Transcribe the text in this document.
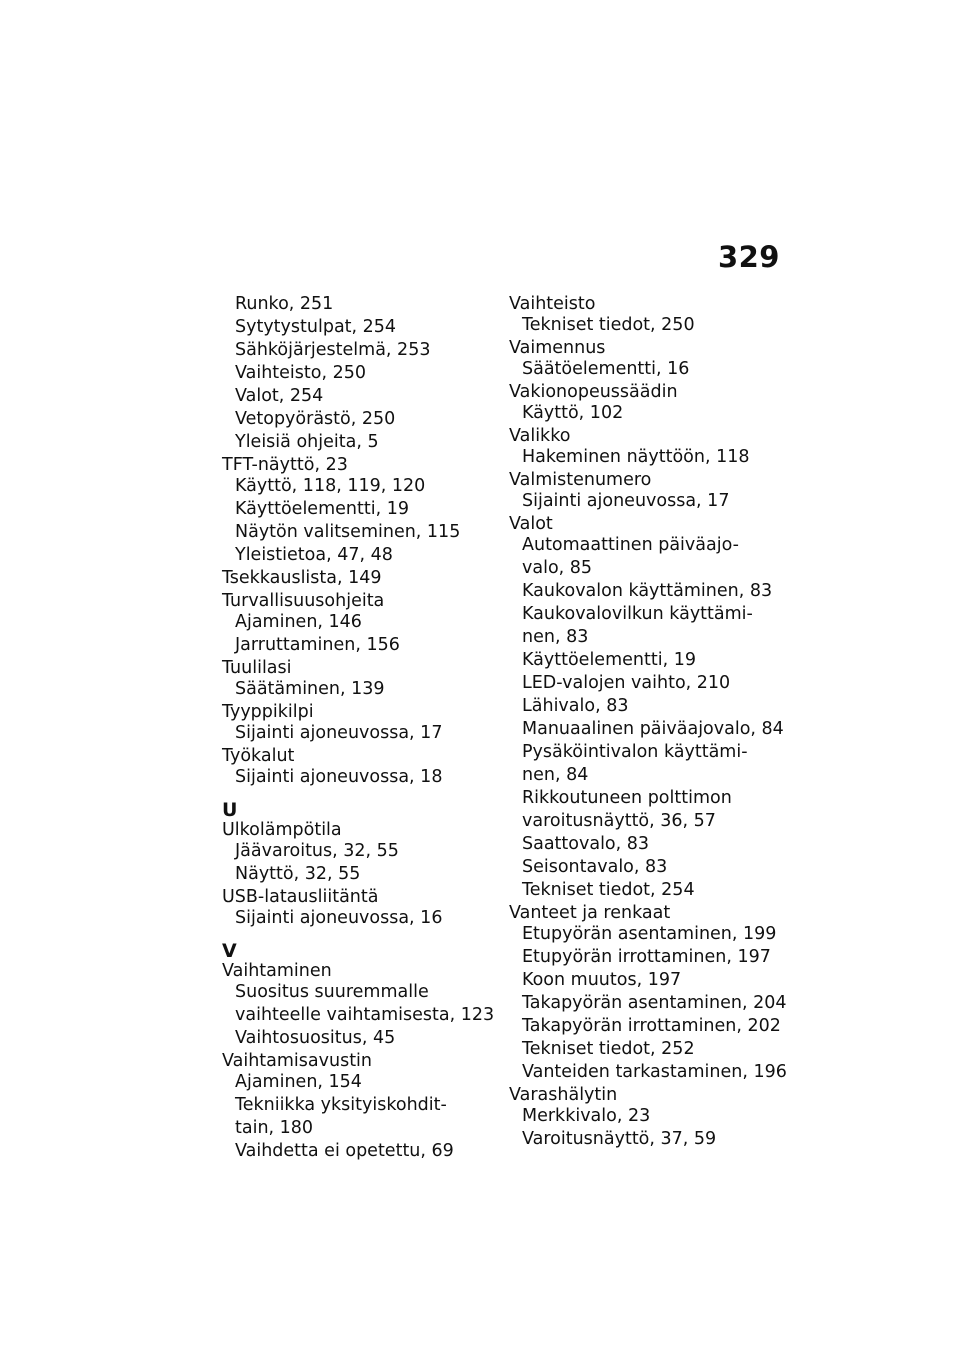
329
Runko, 251
Sytytystulpat, 254
Sähköjärjestelmä, 253
Vaihteisto, 250
Valot, 254
Vetopyörästö, 250
Yleisiä ohjeita, 5
TFT-näyttö, 23
Käyttö, 118, 119, 120
Käyttöelementti, 19
Näytön valitseminen, 115
Yleistietoa, 47, 48
Tsekkauslista, 149
Turvallisuusohjeita
Ajaminen, 146
Jarruttaminen, 156
Tuulilasi
Säätäminen, 139
Tyyppikilpi
Sijainti ajoneuvossa, 17
Työkalut
Sijainti ajoneuvossa, 18
U
Ulkolämpötila
Jäävaroitus, 32, 55
Näyttö, 32, 55
USB-latausliitäntä
Sijainti ajoneuvossa, 16
V
Vaihtaminen
Suositus suuremmalle
vaihteelle vaihtamisesta, 123
Vaihtosuositus, 45
Vaihtamisavustin
Ajaminen, 154
Tekniikka yksityiskohdit-
tain, 180
Vaihdetta ei opetettu, 69
Vaihteisto
Tekniset tiedot, 250
Vaimennus
Säätöelementti, 16
Vakionopeussäädin
Käyttö, 102
Valikko
Hakeminen näyttöön, 118
Valmistenumero
Sijainti ajoneuvossa, 17
Valot
Automaattinen päiväajo-
valo, 85
Kaukovalon käyttäminen, 83
Kaukovalovilkun käyttämi-
nen, 83
Käyttöelementti, 19
LED-valojen vaihto, 210
Lähivalo, 83
Manuaalinen päiväajovalo, 84
Pysäköintivalon käyttämi-
nen, 84
Rikkoutuneen polttimon
varoitusnäyttö, 36, 57
Saattovalo, 83
Seisontavalo, 83
Tekniset tiedot, 254
Vanteet ja renkaat
Etupyörän asentaminen, 199
Etupyörän irrottaminen, 197
Koon muutos, 197
Takapyörän asentaminen, 204
Takapyörän irrottaminen, 202
Tekniset tiedot, 252
Vanteiden tarkastaminen, 196
Varashälytin
Merkkivalo, 23
Varoitusnäyttö, 37, 59
